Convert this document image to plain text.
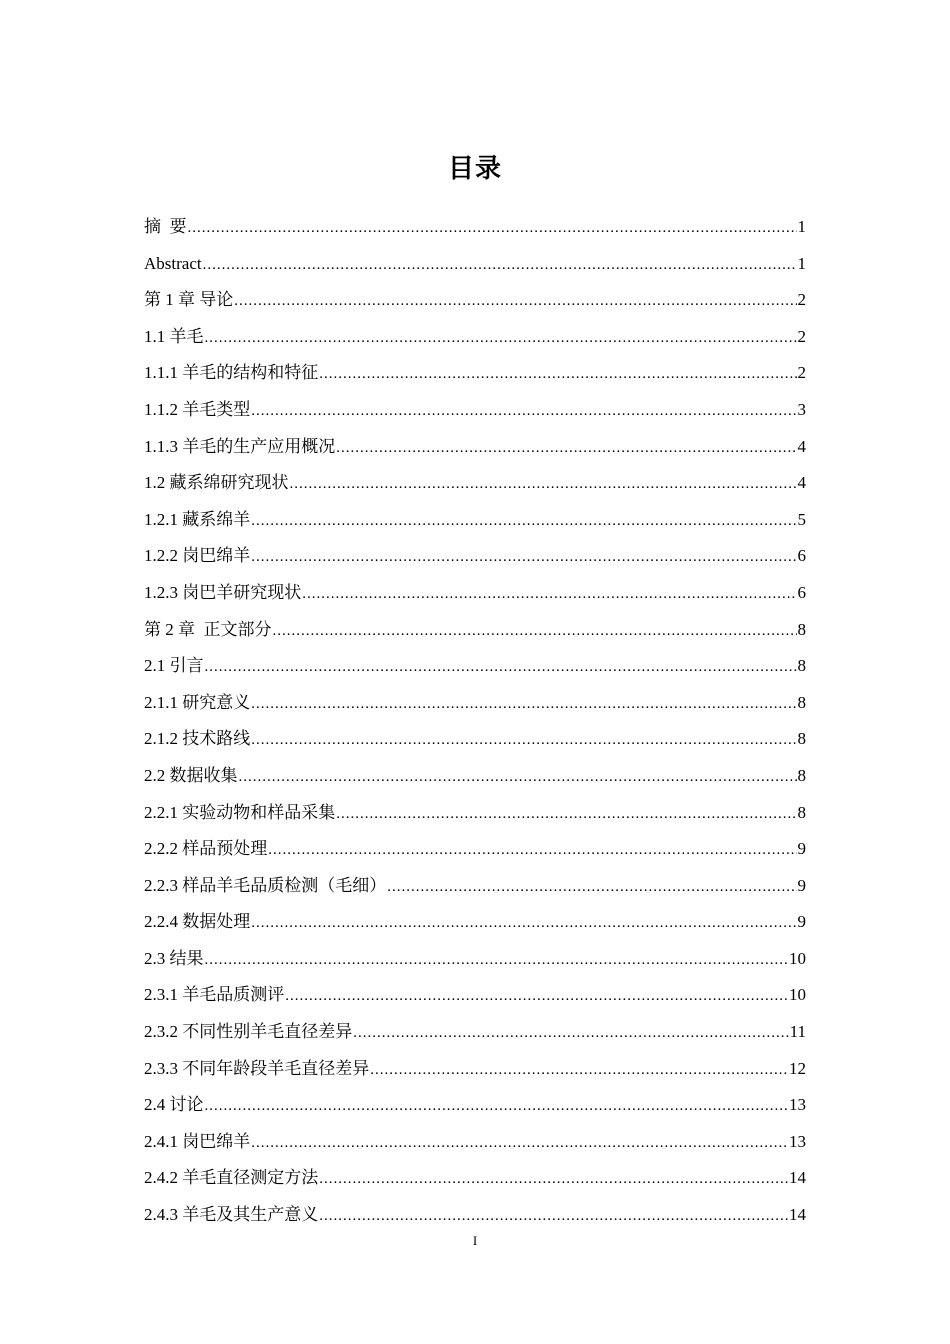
目录
摘  要 .....	1
Abstract .....	1
第 1 章 导论 .....	2
1.1 羊毛 .....	2
1.1.1 羊毛的结构和特征 .....	2
1.1.2 羊毛类型 .....	3
1.1.3 羊毛的生产应用概况 .....	4
1.2 藏系绵研究现状 .....	4
1.2.1 藏系绵羊 .....	5
1.2.2 岗巴绵羊 .....	6
1.2.3 岗巴羊研究现状 .....	6
第 2 章  正文部分 .....	8
2.1 引言 .....	8
2.1.1 研究意义 .....	8
2.1.2 技术路线 .....	8
2.2 数据收集 .....	8
2.2.1 实验动物和样品采集 .....	8
2.2.2 样品预处理 .....	9
2.2.3 样品羊毛品质检测（毛细） .....	9
2.2.4 数据处理 .....	9
2.3 结果 .....	10
2.3.1 羊毛品质测评 .....	10
2.3.2 不同性别羊毛直径差异 .....	11
2.3.3 不同年龄段羊毛直径差异 .....	12
2.4 讨论 .....	13
2.4.1 岗巴绵羊 .....	13
2.4.2 羊毛直径测定方法 .....	14
2.4.3 羊毛及其生产意义 .....	14
I
